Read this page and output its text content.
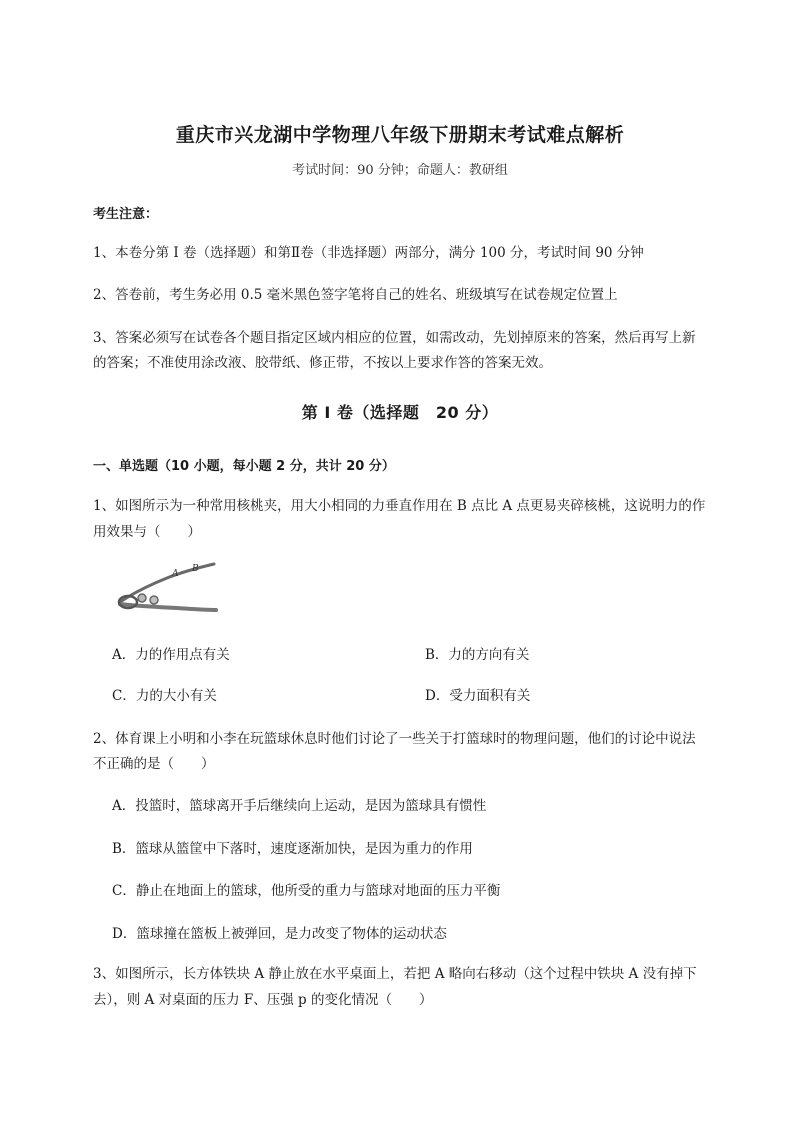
重庆市兴龙湖中学物理八年级下册期末考试难点解析
考试时间：90 分钟；命题人：教研组
考生注意：
1、本卷分第 I 卷（选择题）和第Ⅱ卷（非选择题）两部分，满分 100 分，考试时间 90 分钟
2、答卷前，考生务必用 0.5 毫米黑色签字笔将自己的姓名、班级填写在试卷规定位置上
3、答案必须写在试卷各个题目指定区域内相应的位置，如需改动，先划掉原来的答案，然后再写上新
的答案；不准使用涂改液、胶带纸、修正带，不按以上要求作答的答案无效。
第 I 卷（选择题　20 分）
一、单选题（10 小题，每小题 2 分，共计 20 分）
1、如图所示为一种常用核桃夹，用大小相同的力垂直作用在 B 点比 A 点更易夹碎核桃，这说明力的作
用效果与（　　）
A B
A．力的作用点有关	B．力的方向有关
C．力的大小有关	D．受力面积有关
2、体育课上小明和小李在玩篮球休息时他们讨论了一些关于打篮球时的物理问题，他们的讨论中说法
不正确的是（　　）
A．投篮时，篮球离开手后继续向上运动，是因为篮球具有惯性
B．篮球从篮筐中下落时，速度逐渐加快，是因为重力的作用
C．静止在地面上的篮球，他所受的重力与篮球对地面的压力平衡
D．篮球撞在篮板上被弹回，是力改变了物体的运动状态
3、如图所示，长方体铁块 A 静止放在水平桌面上，若把 A 略向右移动（这个过程中铁块 A 没有掉下
去），则 A 对桌面的压力 F、压强 p 的变化情况（　　）
